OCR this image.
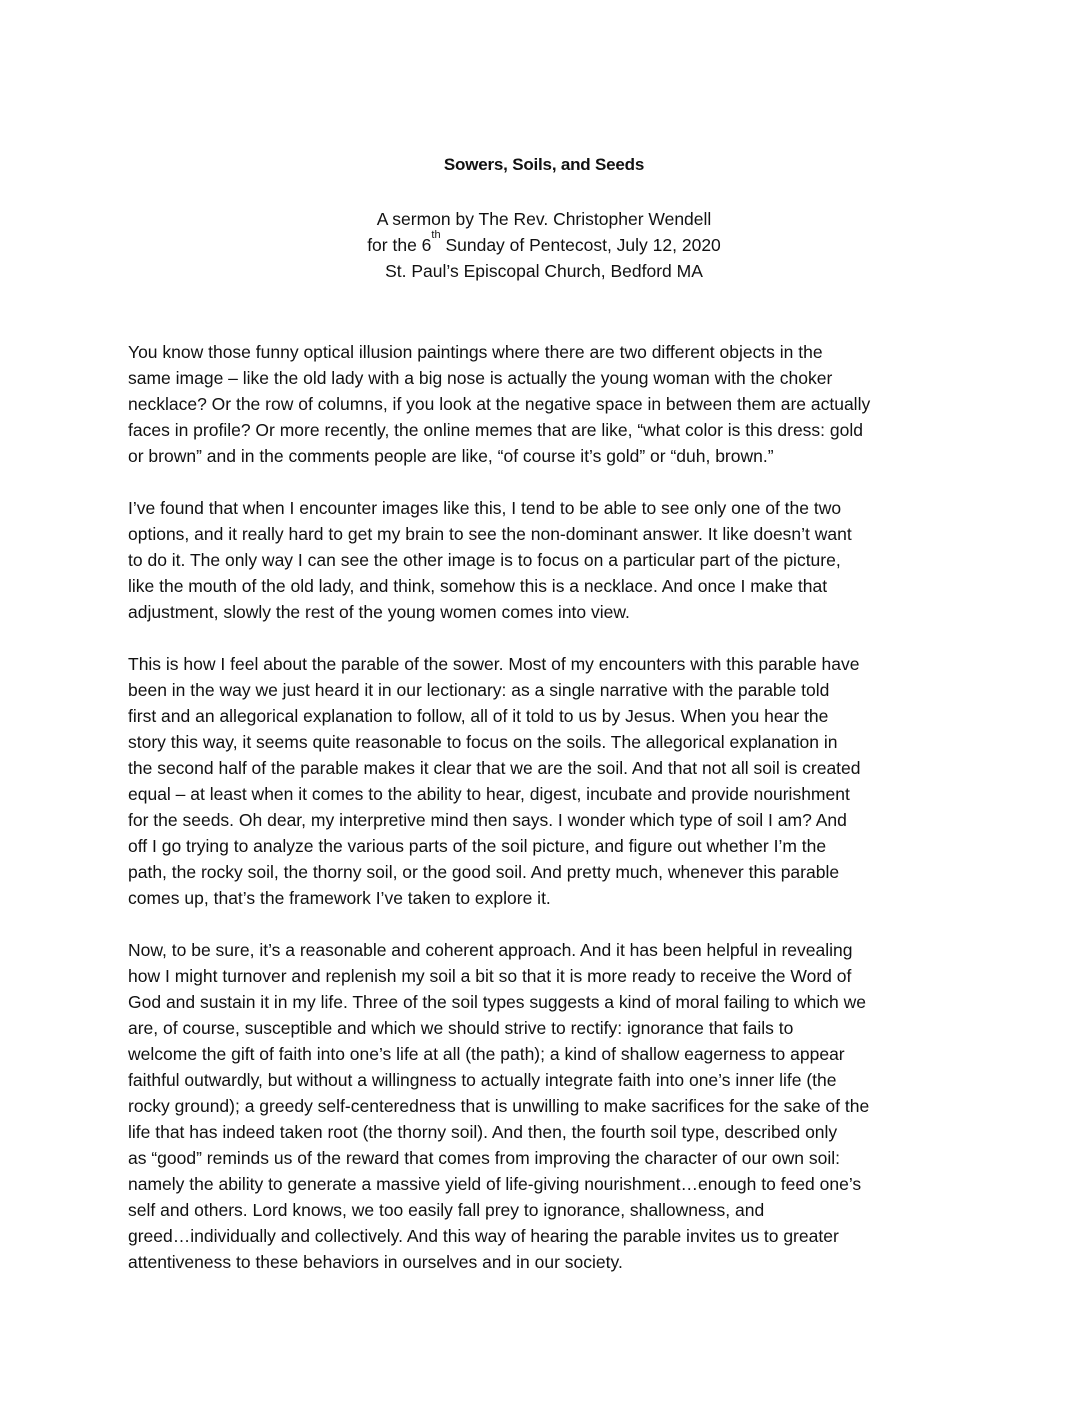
Sowers, Soils, and Seeds
A sermon by The Rev. Christopher Wendell
for the 6th Sunday of Pentecost, July 12, 2020
St. Paul’s Episcopal Church, Bedford MA
You know those funny optical illusion paintings where there are two different objects in the
same image – like the old lady with a big nose is actually the young woman with the choker
necklace? Or the row of columns, if you look at the negative space in between them are actually
faces in profile? Or more recently, the online memes that are like, “what color is this dress: gold
or brown” and in the comments people are like, “of course it’s gold” or “duh, brown.”
I’ve found that when I encounter images like this, I tend to be able to see only one of the two
options, and it really hard to get my brain to see the non-dominant answer. It like doesn’t want
to do it. The only way I can see the other image is to focus on a particular part of the picture,
like the mouth of the old lady, and think, somehow this is a necklace. And once I make that
adjustment, slowly the rest of the young women comes into view.
This is how I feel about the parable of the sower. Most of my encounters with this parable have
been in the way we just heard it in our lectionary: as a single narrative with the parable told
first and an allegorical explanation to follow, all of it told to us by Jesus. When you hear the
story this way, it seems quite reasonable to focus on the soils. The allegorical explanation in
the second half of the parable makes it clear that we are the soil. And that not all soil is created
equal – at least when it comes to the ability to hear, digest, incubate and provide nourishment
for the seeds. Oh dear, my interpretive mind then says. I wonder which type of soil I am? And
off I go trying to analyze the various parts of the soil picture, and figure out whether I’m the
path, the rocky soil, the thorny soil, or the good soil. And pretty much, whenever this parable
comes up, that’s the framework I’ve taken to explore it.
Now, to be sure, it’s a reasonable and coherent approach. And it has been helpful in revealing
how I might turnover and replenish my soil a bit so that it is more ready to receive the Word of
God and sustain it in my life. Three of the soil types suggests a kind of moral failing to which we
are, of course, susceptible and which we should strive to rectify: ignorance that fails to
welcome the gift of faith into one’s life at all (the path); a kind of shallow eagerness to appear
faithful outwardly, but without a willingness to actually integrate faith into one’s inner life (the
rocky ground); a greedy self-centeredness that is unwilling to make sacrifices for the sake of the
life that has indeed taken root (the thorny soil). And then, the fourth soil type, described only
as “good” reminds us of the reward that comes from improving the character of our own soil:
namely the ability to generate a massive yield of life-giving nourishment…enough to feed one’s
self and others. Lord knows, we too easily fall prey to ignorance, shallowness, and
greed…individually and collectively. And this way of hearing the parable invites us to greater
attentiveness to these behaviors in ourselves and in our society.
